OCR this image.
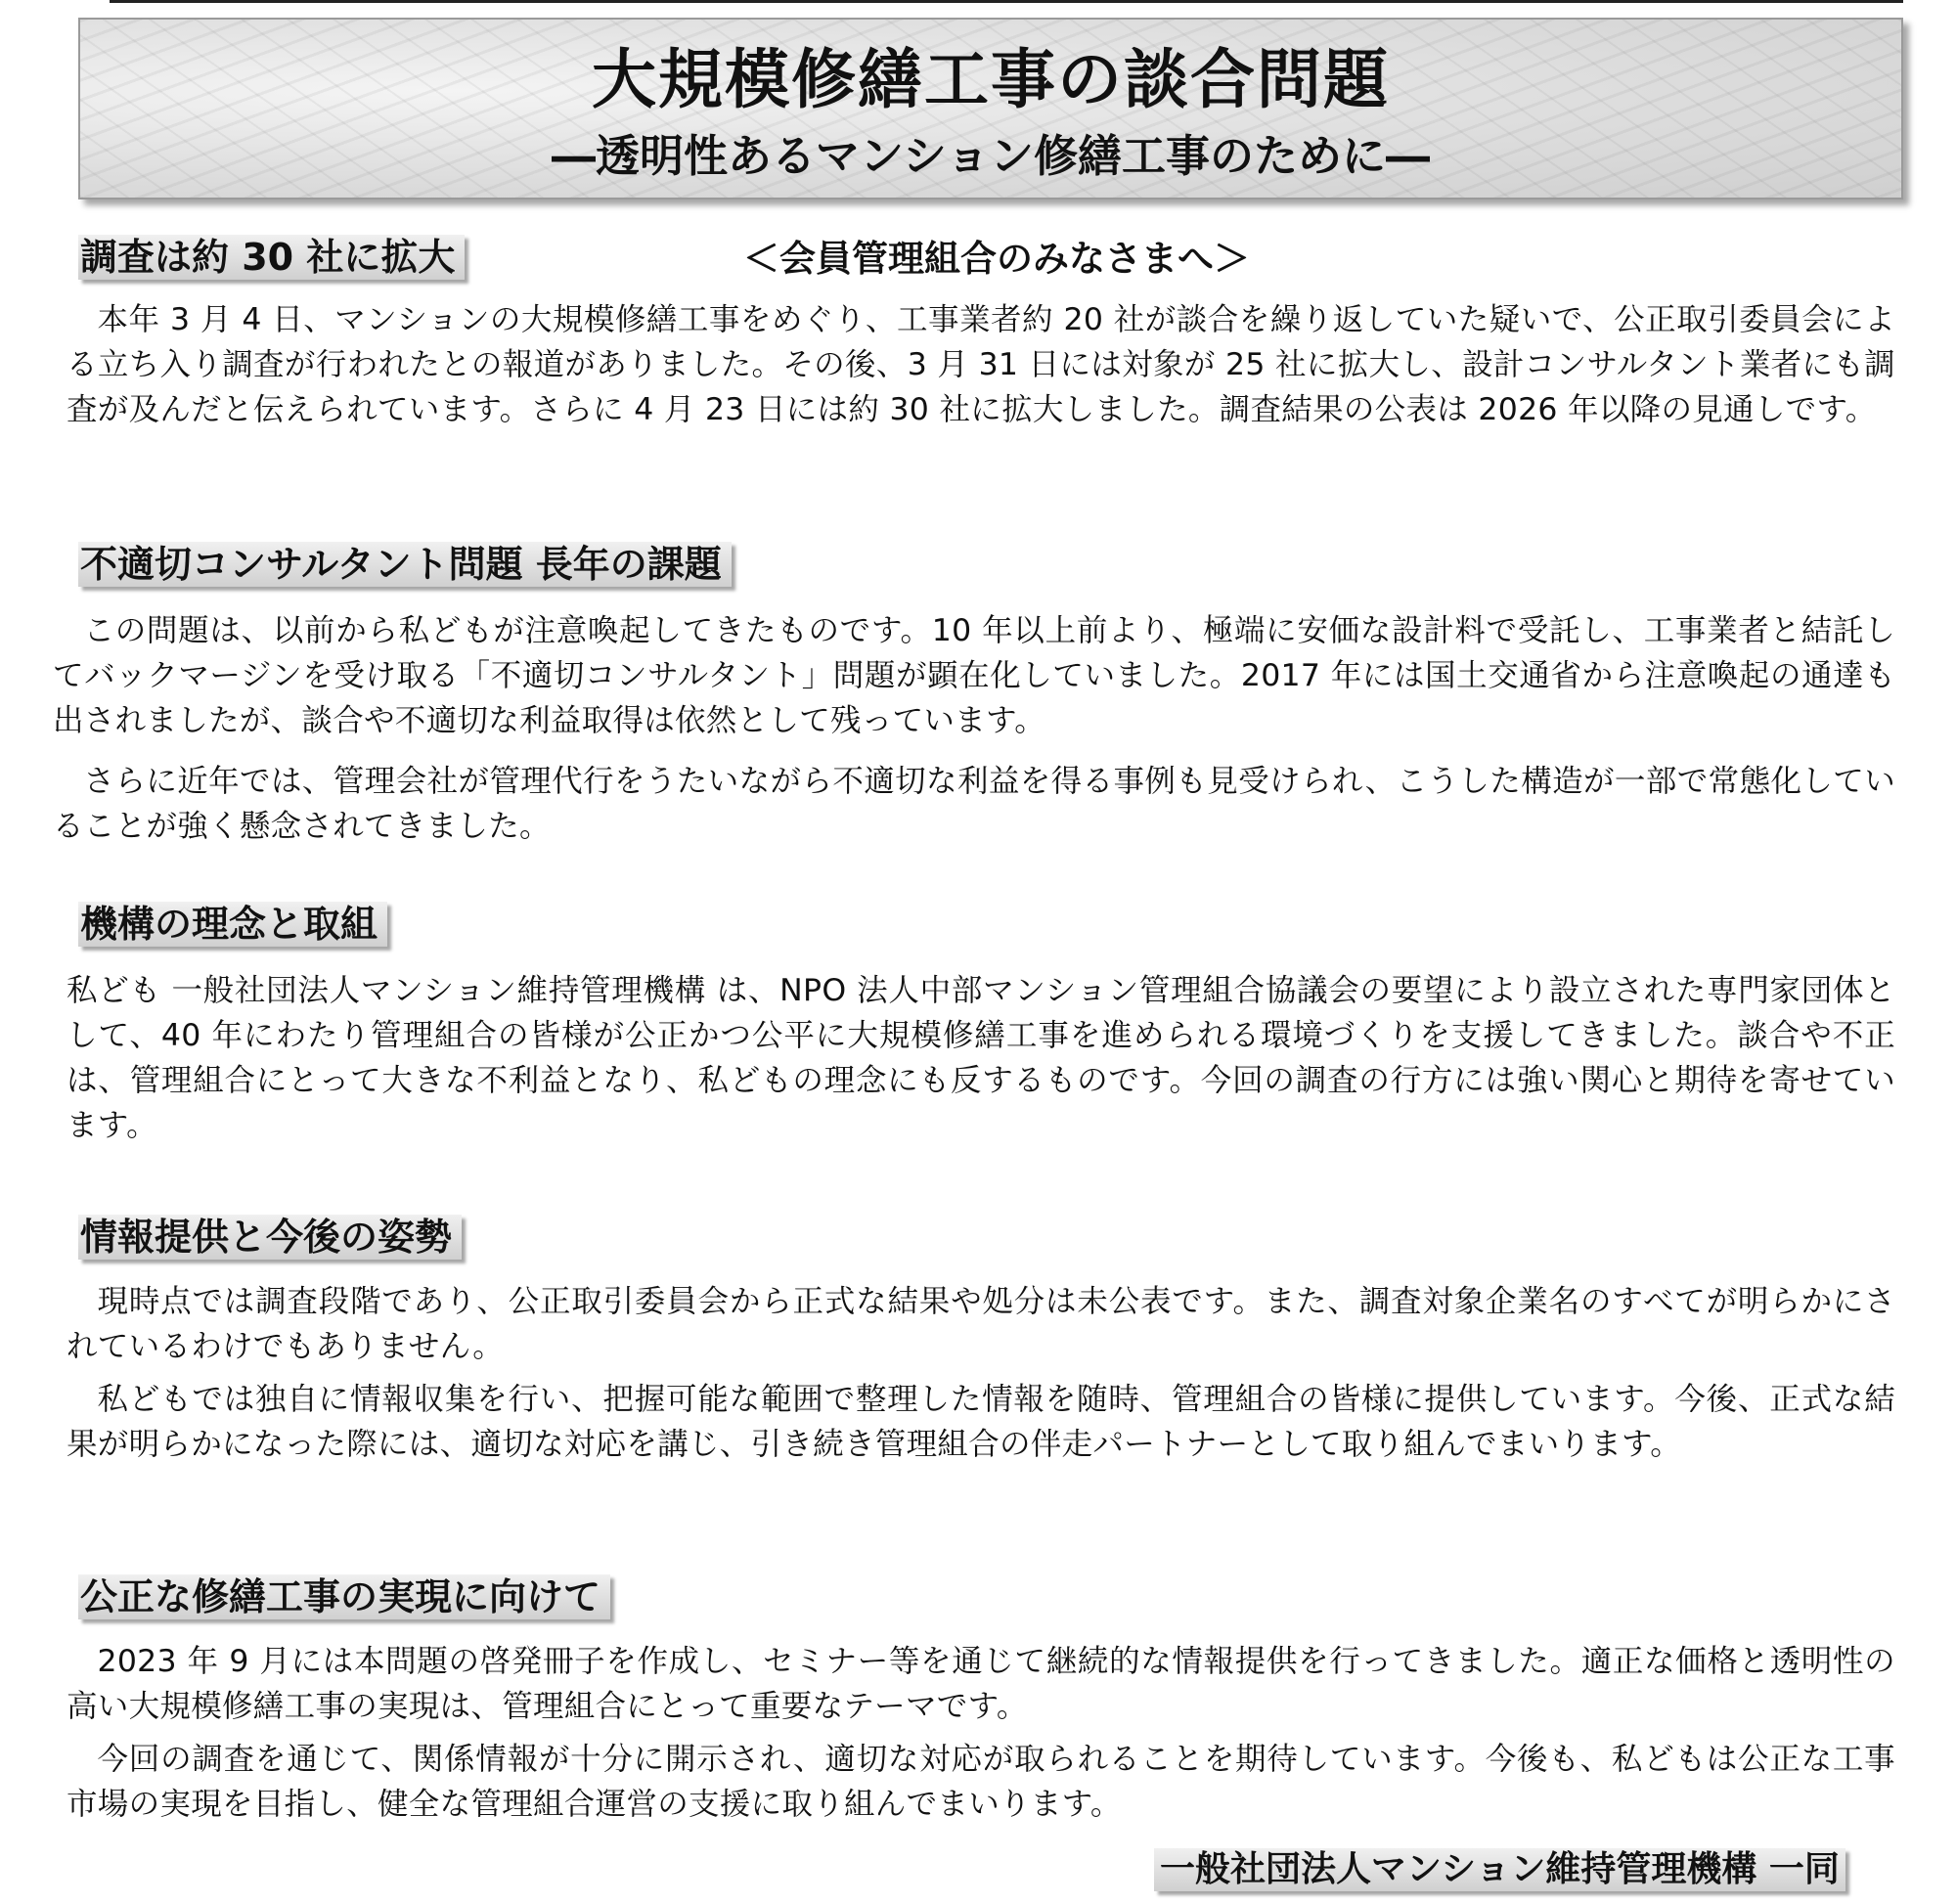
大規模修繕工事の談合問題
―透明性あるマンション修繕工事のために―
調査は約 30 社に拡大	＜会員管理組合のみなさまへ＞

本年 3 月 4 日、マンションの大規模修繕工事をめぐり、工事業者約 20 社が談合を繰り返していた疑いで、公正取引委員会による立ち入り調査が行われたとの報道がありました。その後、3 月 31 日には対象が 25 社に拡大し、設計コンサルタント業者にも調査が及んだと伝えられています。さらに 4 月 23 日には約 30 社に拡大しました。調査結果の公表は 2026 年以降の見通しです。

不適切コンサルタント問題 長年の課題

この問題は、以前から私どもが注意喚起してきたものです。10 年以上前より、極端に安価な設計料で受託し、工事業者と結託してバックマージンを受け取る「不適切コンサルタント」問題が顕在化していました。2017 年には国土交通省から注意喚起の通達も出されましたが、談合や不適切な利益取得は依然として残っています。

さらに近年では、管理会社が管理代行をうたいながら不適切な利益を得る事例も見受けられ、こうした構造が一部で常態化していることが強く懸念されてきました。

機構の理念と取組

私ども 一般社団法人マンション維持管理機構 は、NPO 法人中部マンション管理組合協議会の要望により設立された専門家団体として、40 年にわたり管理組合の皆様が公正かつ公平に大規模修繕工事を進められる環境づくりを支援してきました。談合や不正は、管理組合にとって大きな不利益となり、私どもの理念にも反するものです。今回の調査の行方には強い関心と期待を寄せています。

情報提供と今後の姿勢

現時点では調査段階であり、公正取引委員会から正式な結果や処分は未公表です。また、調査対象企業名のすべてが明らかにされているわけでもありません。

私どもでは独自に情報収集を行い、把握可能な範囲で整理した情報を随時、管理組合の皆様に提供しています。今後、正式な結果が明らかになった際には、適切な対応を講じ、引き続き管理組合の伴走パートナーとして取り組んでまいります。

公正な修繕工事の実現に向けて

2023 年 9 月には本問題の啓発冊子を作成し、セミナー等を通じて継続的な情報提供を行ってきました。適正な価格と透明性の高い大規模修繕工事の実現は、管理組合にとって重要なテーマです。

今回の調査を通じて、関係情報が十分に開示され、適切な対応が取られることを期待しています。今後も、私どもは公正な工事市場の実現を目指し、健全な管理組合運営の支援に取り組んでまいります。

一般社団法人マンション維持管理機構 一同
